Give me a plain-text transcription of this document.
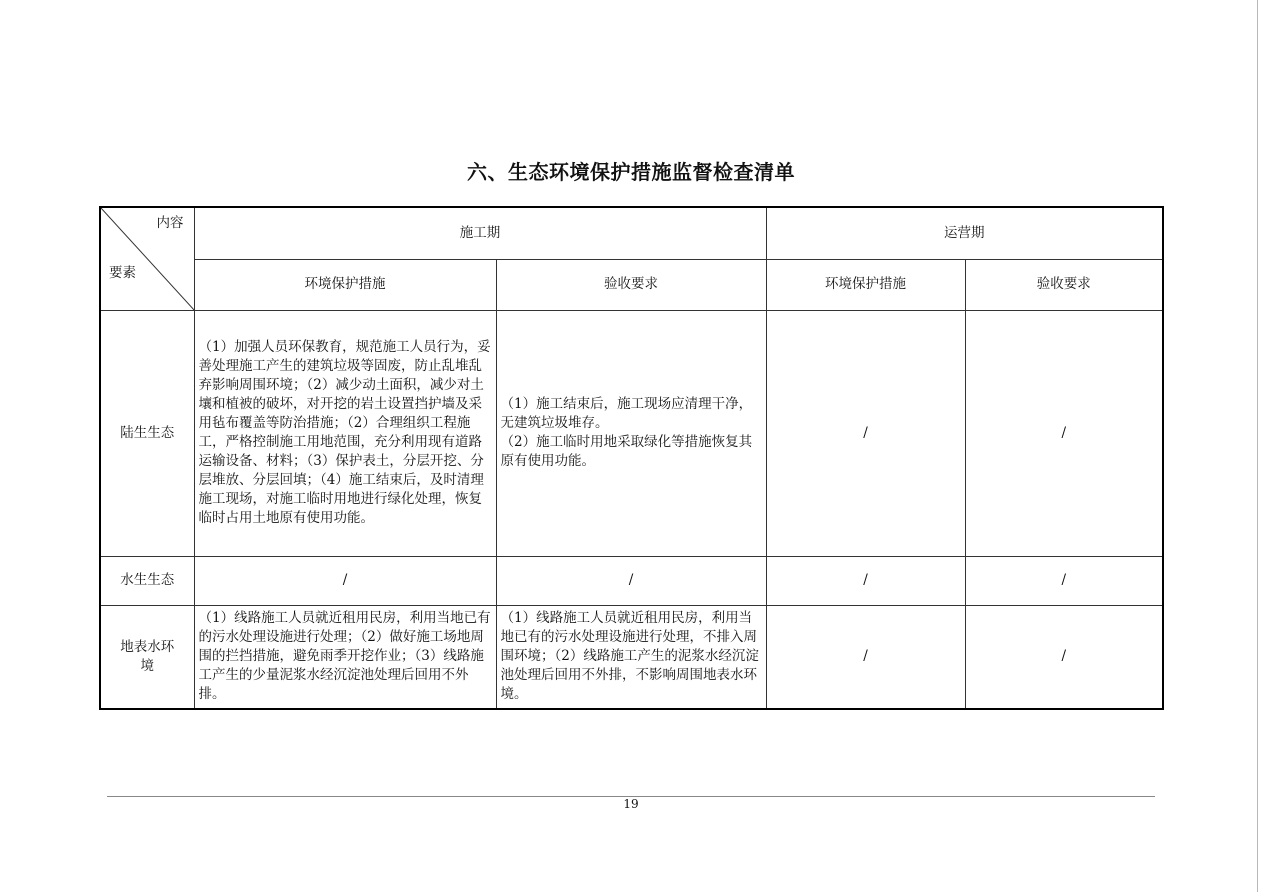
六、生态环境保护措施监督检查清单
内容
要素	施工期		运营期	
	环境保护措施	验收要求	环境保护措施	验收要求
陆生生态	（1）加强人员环保教育，规范施工人员行为，妥善处理施工产生的建筑垃圾等固废，防止乱堆乱弃影响周围环境；（2）减少动土面积，减少对土壤和植被的破坏，对开挖的岩土设置挡护墙及采用毡布覆盖等防治措施；（2）合理组织工程施工，严格控制施工用地范围，充分利用现有道路运输设备、材料；（3）保护表土，分层开挖、分层堆放、分层回填；（4）施工结束后，及时清理施工现场，对施工临时用地进行绿化处理，恢复临时占用土地原有使用功能。	（1）施工结束后，施工现场应清理干净，无建筑垃圾堆存。
（2）施工临时用地采取绿化等措施恢复其原有使用功能。	/	/
水生生态	/	/	/	/
地表水环境	（1）线路施工人员就近租用民房，利用当地已有的污水处理设施进行处理；（2）做好施工场地周围的拦挡措施，避免雨季开挖作业；（3）线路施工产生的少量泥浆水经沉淀池处理后回用不外排。	（1）线路施工人员就近租用民房，利用当地已有的污水处理设施进行处理，不排入周围环境；（2）线路施工产生的泥浆水经沉淀池处理后回用不外排，不影响周围地表水环境。	/	/
19
